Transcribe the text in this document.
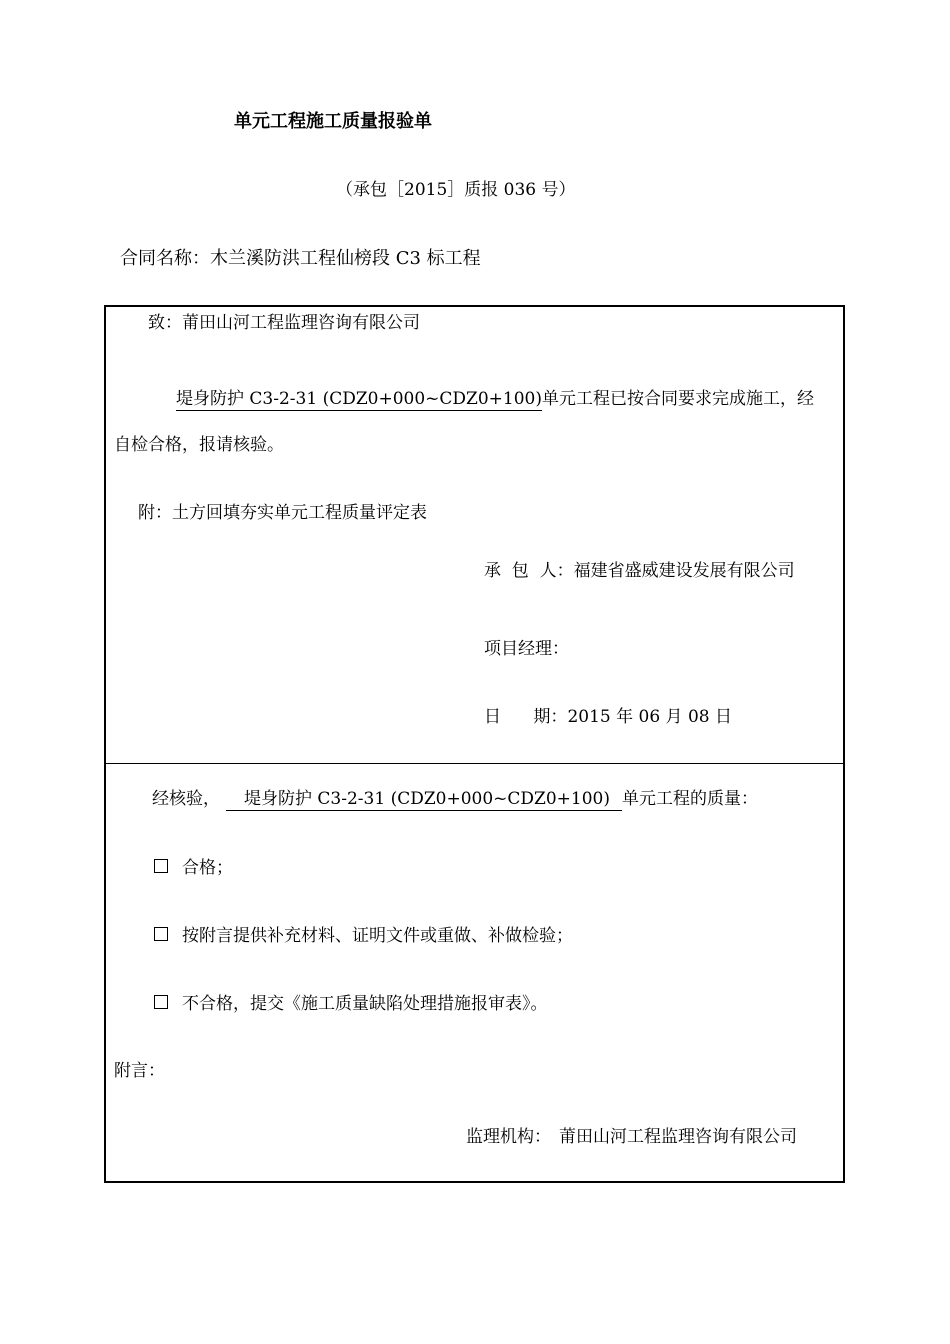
单元工程施工质量报验单
（承包［2015］质报 036 号）
合同名称：木兰溪防洪工程仙榜段 C3 标工程
致：莆田山河工程监理咨询有限公司
堤身防护 C3-2-31 (CDZ0+000~CDZ0+100)单元工程已按合同要求完成施工，经
自检合格，报请核验。
附：土方回填夯实单元工程质量评定表
承  包  人：福建省盛威建设发展有限公司
项目经理：
日      期：2015 年 06 月 08 日
经核验， 堤身防护 C3-2-31 (CDZ0+000~CDZ0+100) 单元工程的质量：
合格；
按附言提供补充材料、证明文件或重做、补做检验；
不合格，提交《施工质量缺陷处理措施报审表》。
附言：
监理机构： 莆田山河工程监理咨询有限公司
